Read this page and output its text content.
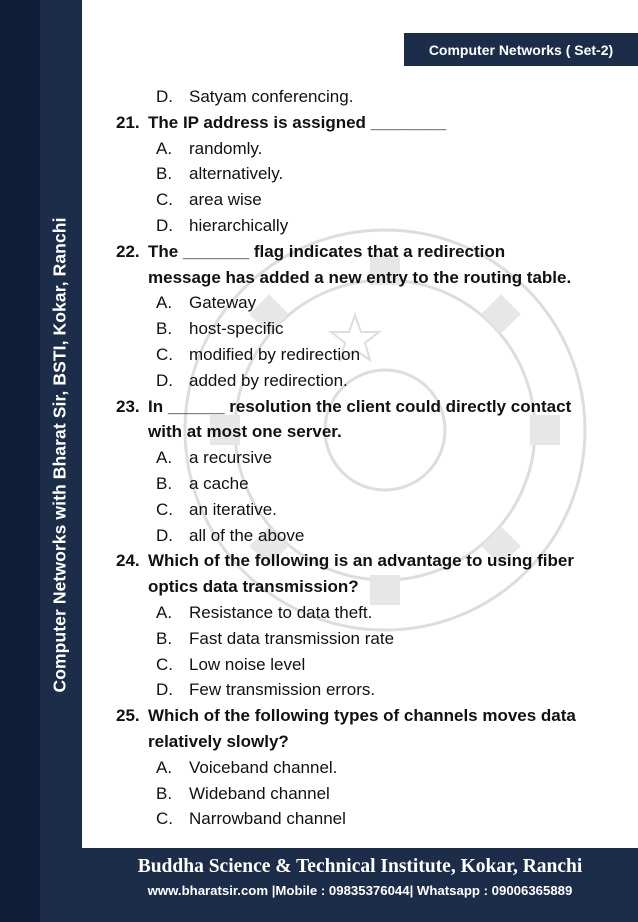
Computer Networks with Bharat Sir, BSTI, Kokar, Ranchi
Computer Networks ( Set-2)
D. Satyam conferencing.
21. The IP address is assigned ________
A. randomly.
B. alternatively.
C. area wise
D. hierarchically
22. The _______ flag indicates that a redirection message has added a new entry to the routing table.
A. Gateway
B. host-specific
C. modified by redirection
D. added by redirection.
23. In ______ resolution the client could directly contact with at most one server.
A. a recursive
B. a cache
C. an iterative.
D. all of the above
24. Which of the following is an advantage to using fiber optics data transmission?
A. Resistance to data theft.
B. Fast data transmission rate
C. Low noise level
D. Few transmission errors.
25. Which of the following types of channels moves data relatively slowly?
A. Voiceband channel.
B. Wideband channel
C. Narrowband channel
Buddha Science & Technical Institute, Kokar, Ranchi
www.bharatsir.com |Mobile : 09835376044| Whatsapp : 09006365889
